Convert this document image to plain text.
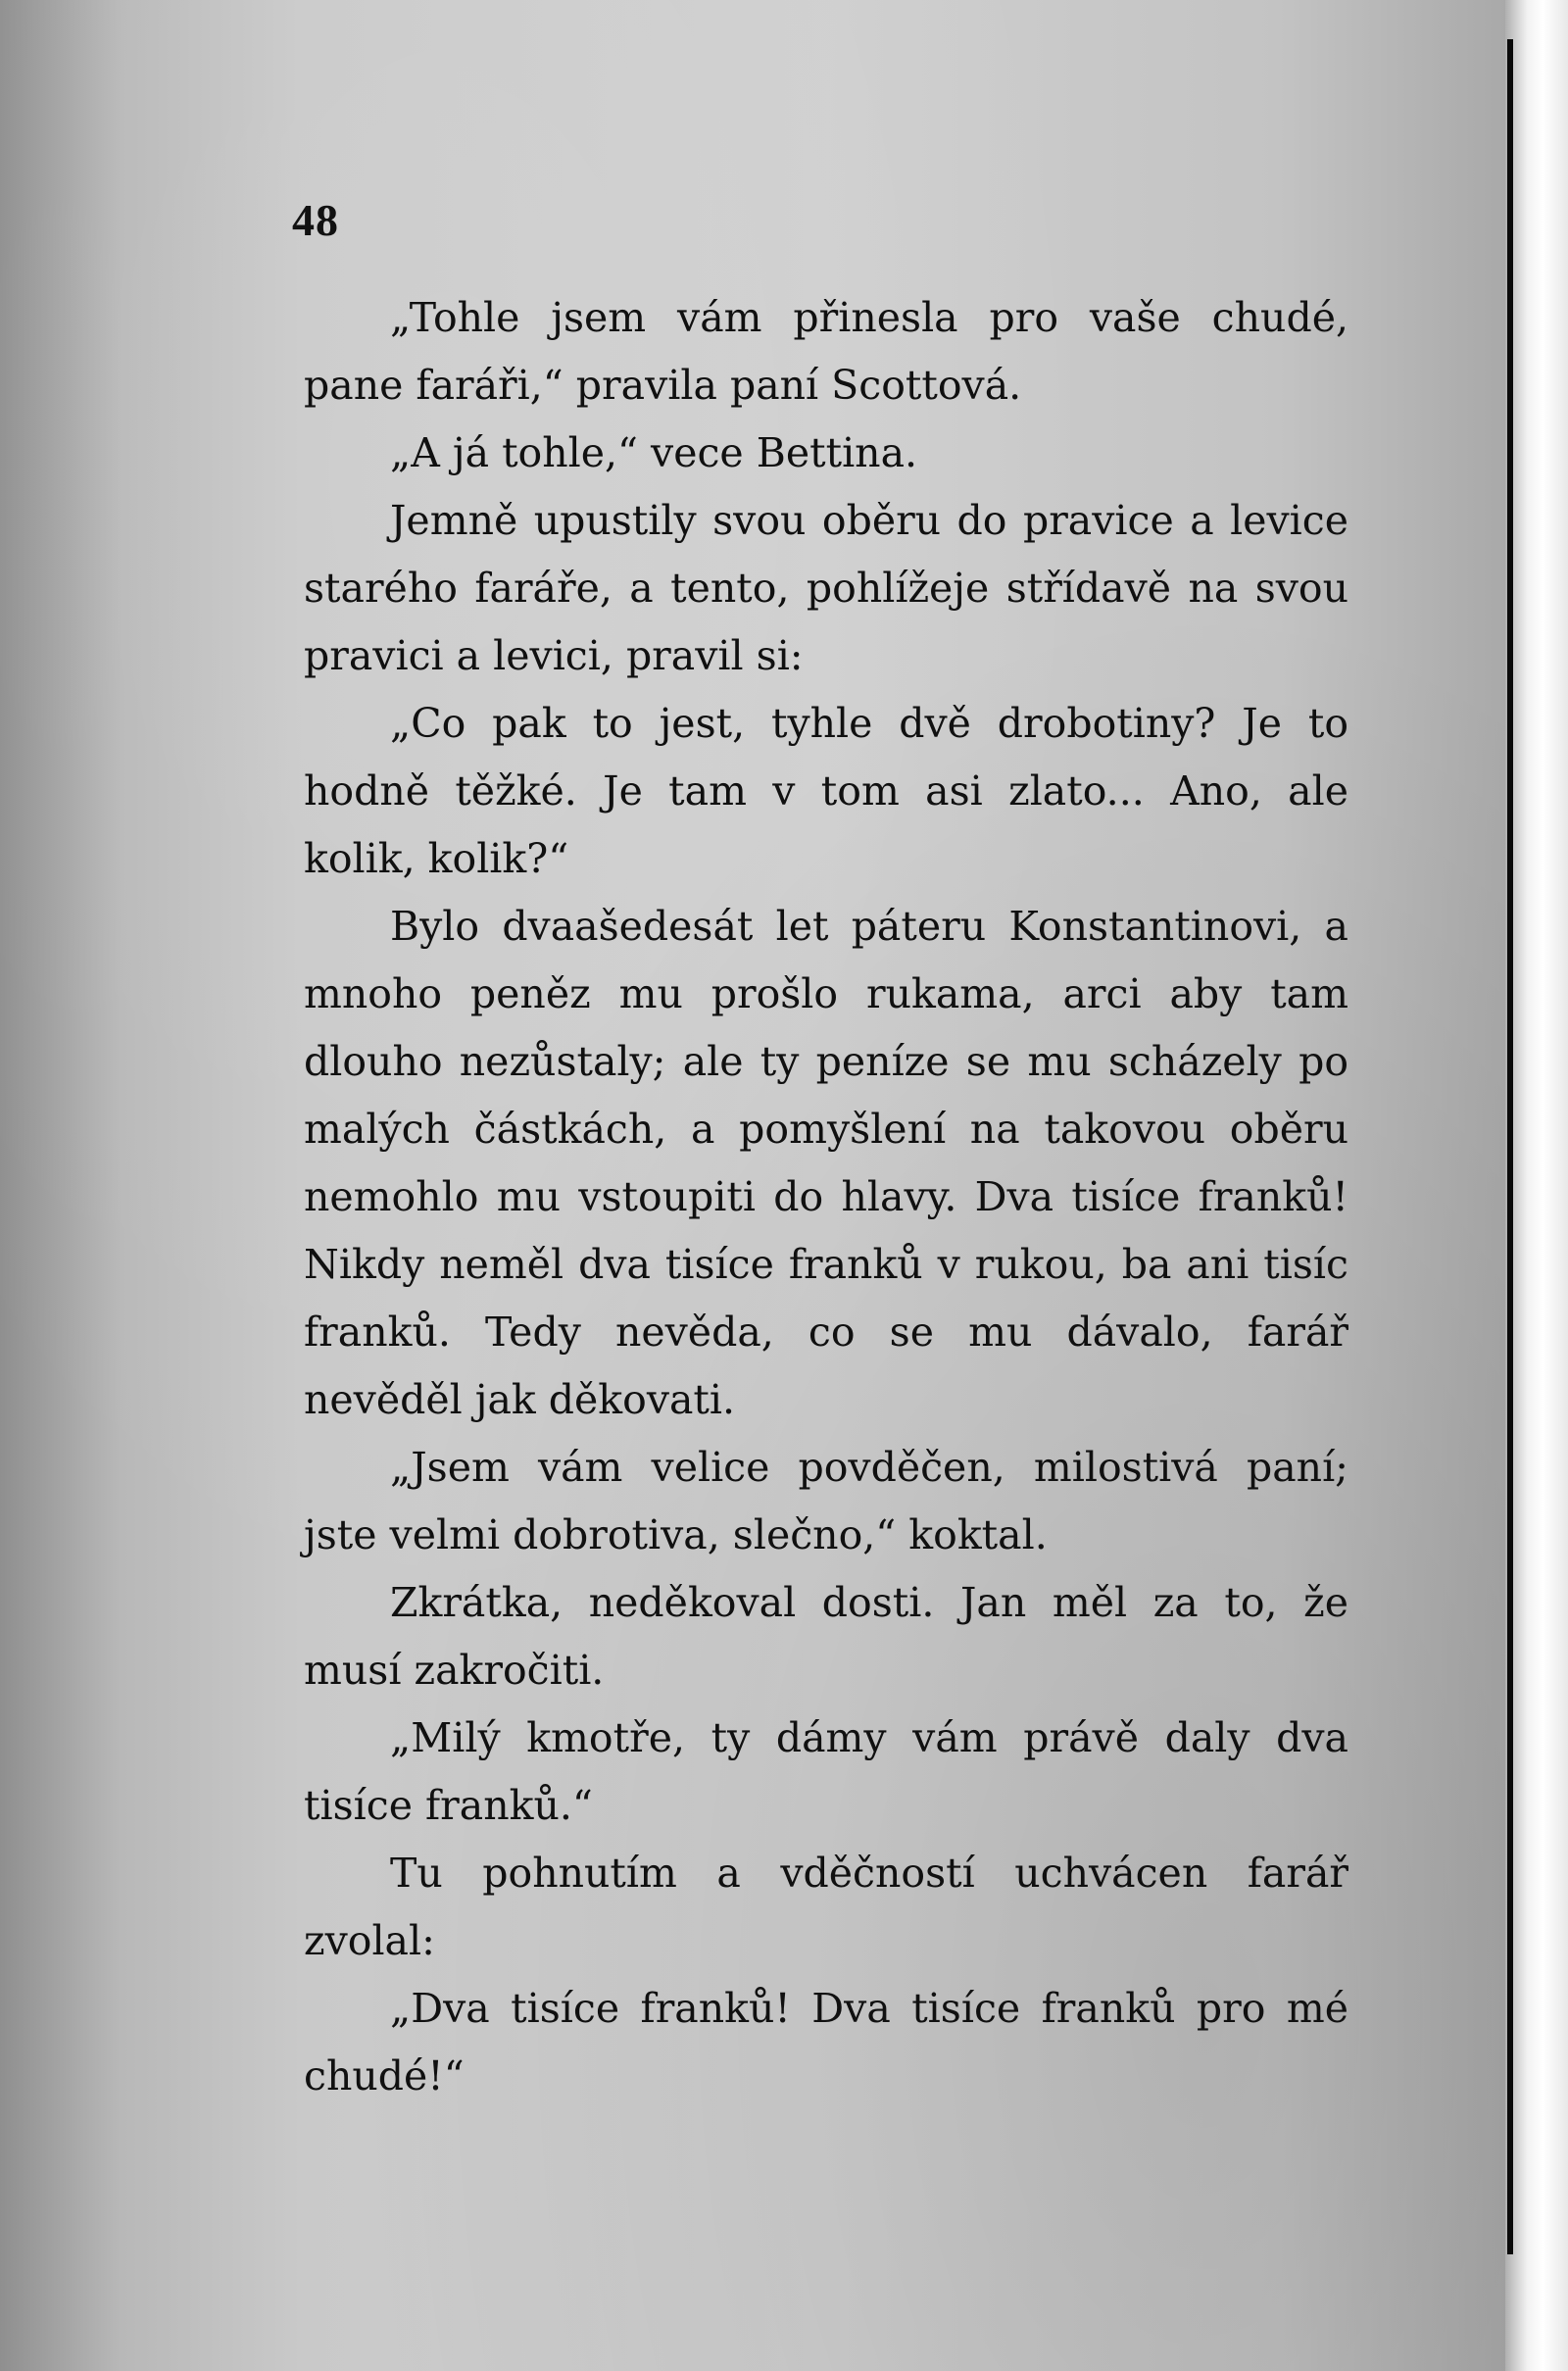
48

„Tohle jsem vám přinesla pro vaše chudé, pane faráři,“ pravila paní Scottová.

„A já tohle,“ vece Bettina.

Jemně upustily svou oběru do pravice a levice starého faráře, a tento, pohlížeje střídavě na svou pravici a levici, pravil si:

„Co pak to jest, tyhle dvě drobotiny? Je to hodně těžké. Je tam v tom asi zlato... Ano, ale kolik, kolik?“

Bylo dvaašedesát let páteru Konstantinovi, a mnoho peněz mu prošlo rukama, arci aby tam dlouho nezůstaly; ale ty peníze se mu scházely po malých částkách, a pomyšlení na takovou oběru nemohlo mu vstoupiti do hlavy. Dva tisíce franků! Nikdy neměl dva tisíce franků v rukou, ba ani tisíc franků. Tedy nevěda, co se mu dávalo, farář nevěděl jak děkovati.

„Jsem vám velice povděčen, milostivá paní; jste velmi dobrotiva, slečno,“ koktal.

Zkrátka, neděkoval dosti. Jan měl za to, že musí zakročiti.

„Milý kmotře, ty dámy vám právě daly dva tisíce franků.“

Tu pohnutím a vděčností uchvácen farář zvolal:

„Dva tisíce franků! Dva tisíce franků pro mé chudé!“
